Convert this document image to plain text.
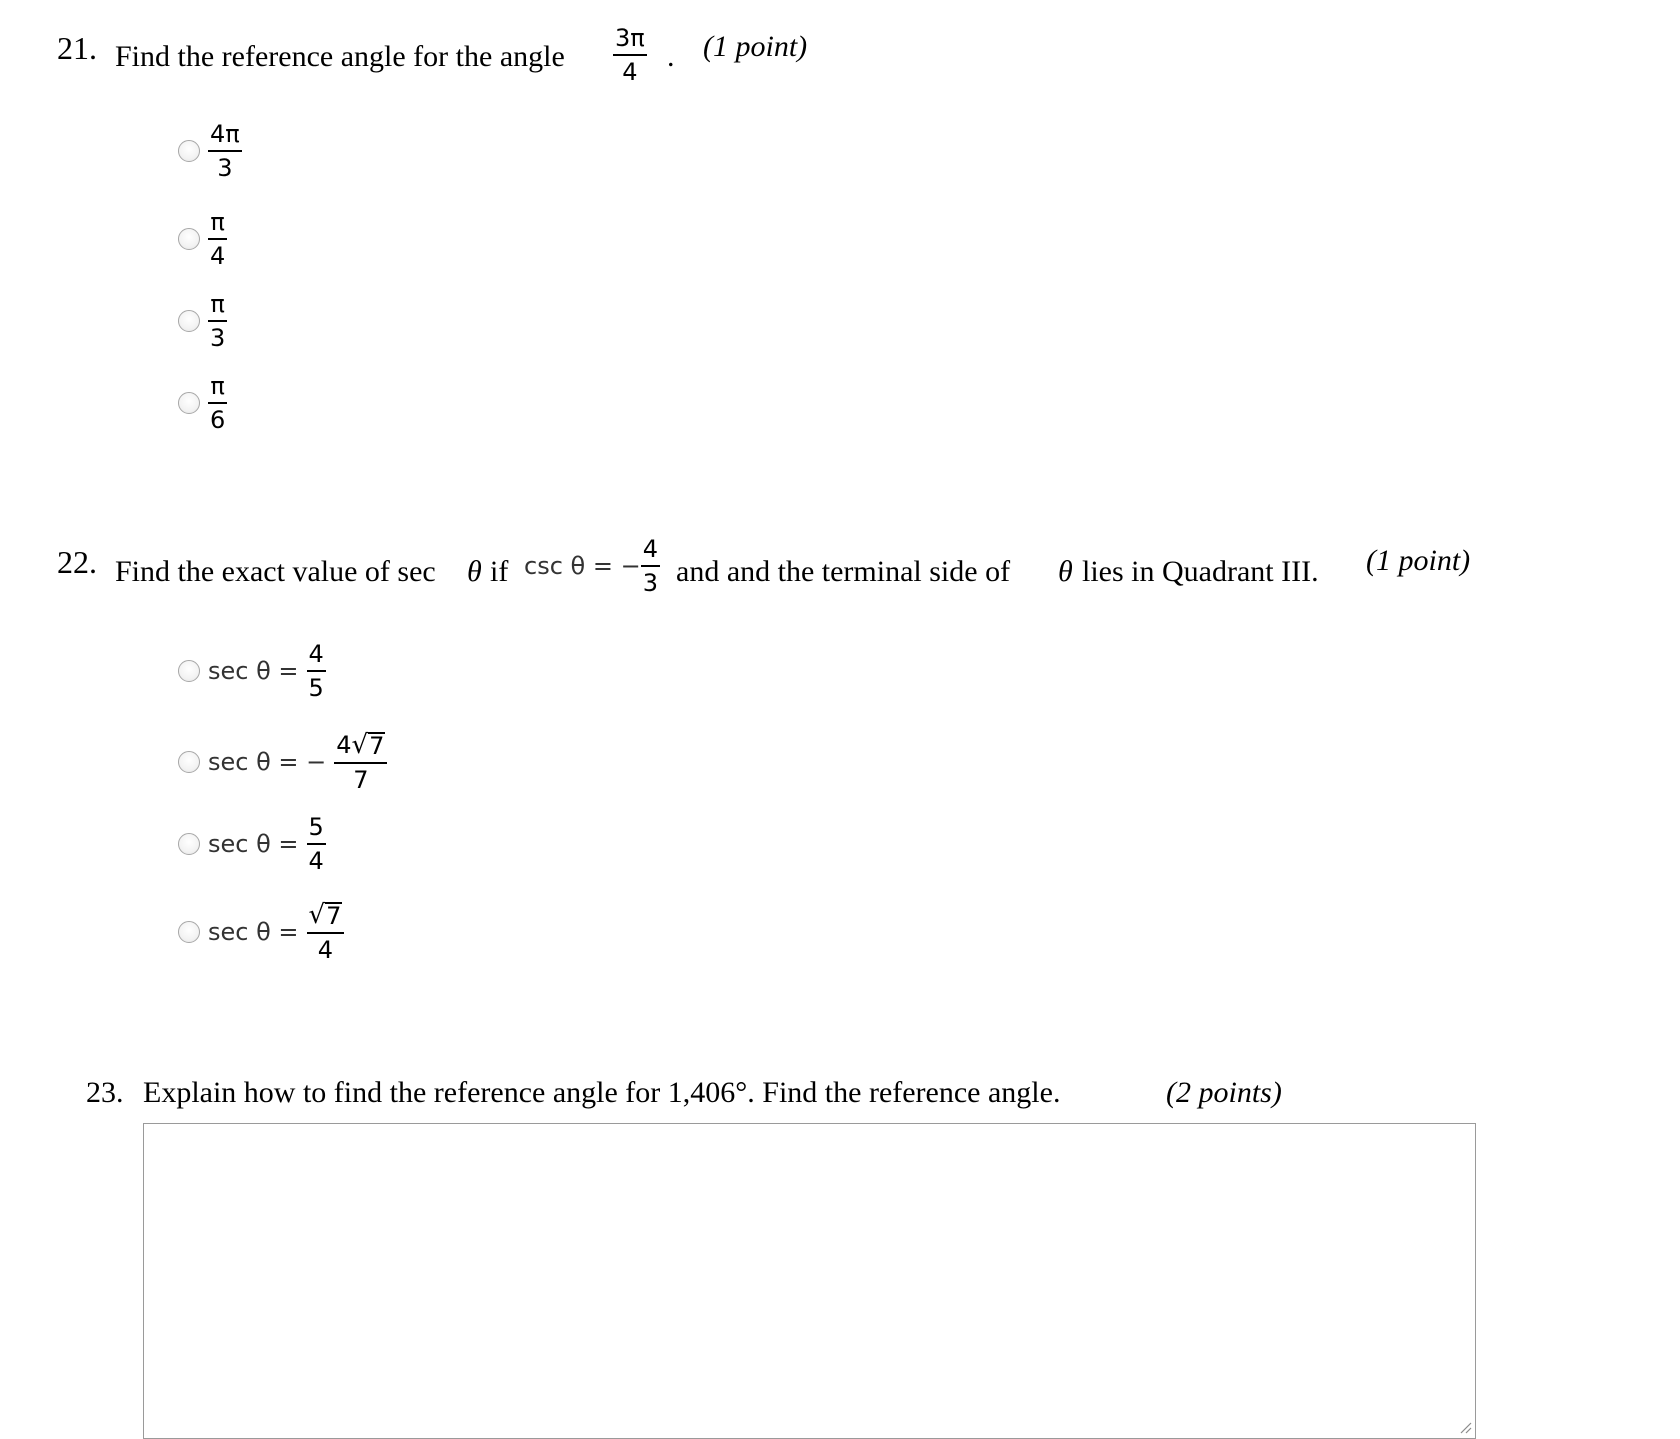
21. Find the reference angle for the angle $\frac{3\pi}{4}$ . (1 point)
$\frac{4\pi}{3}$
$\frac{\pi}{4}$
$\frac{\pi}{3}$
$\frac{\pi}{6}$
22. Find the exact value of sec θ if csc θ = − $\frac{4}{3}$ and and the terminal side of θ lies in Quadrant III. (1 point)
$\sec \theta = \frac{4}{5}$
sec θ = − $\frac{4 √ 7}{7}$
$\sec \theta = \frac{5}{4}$
$\sec \theta = \frac{√ 7}{4}$
23. Explain how to find the reference angle for 1,406°. Find the reference angle.	(2 points)
